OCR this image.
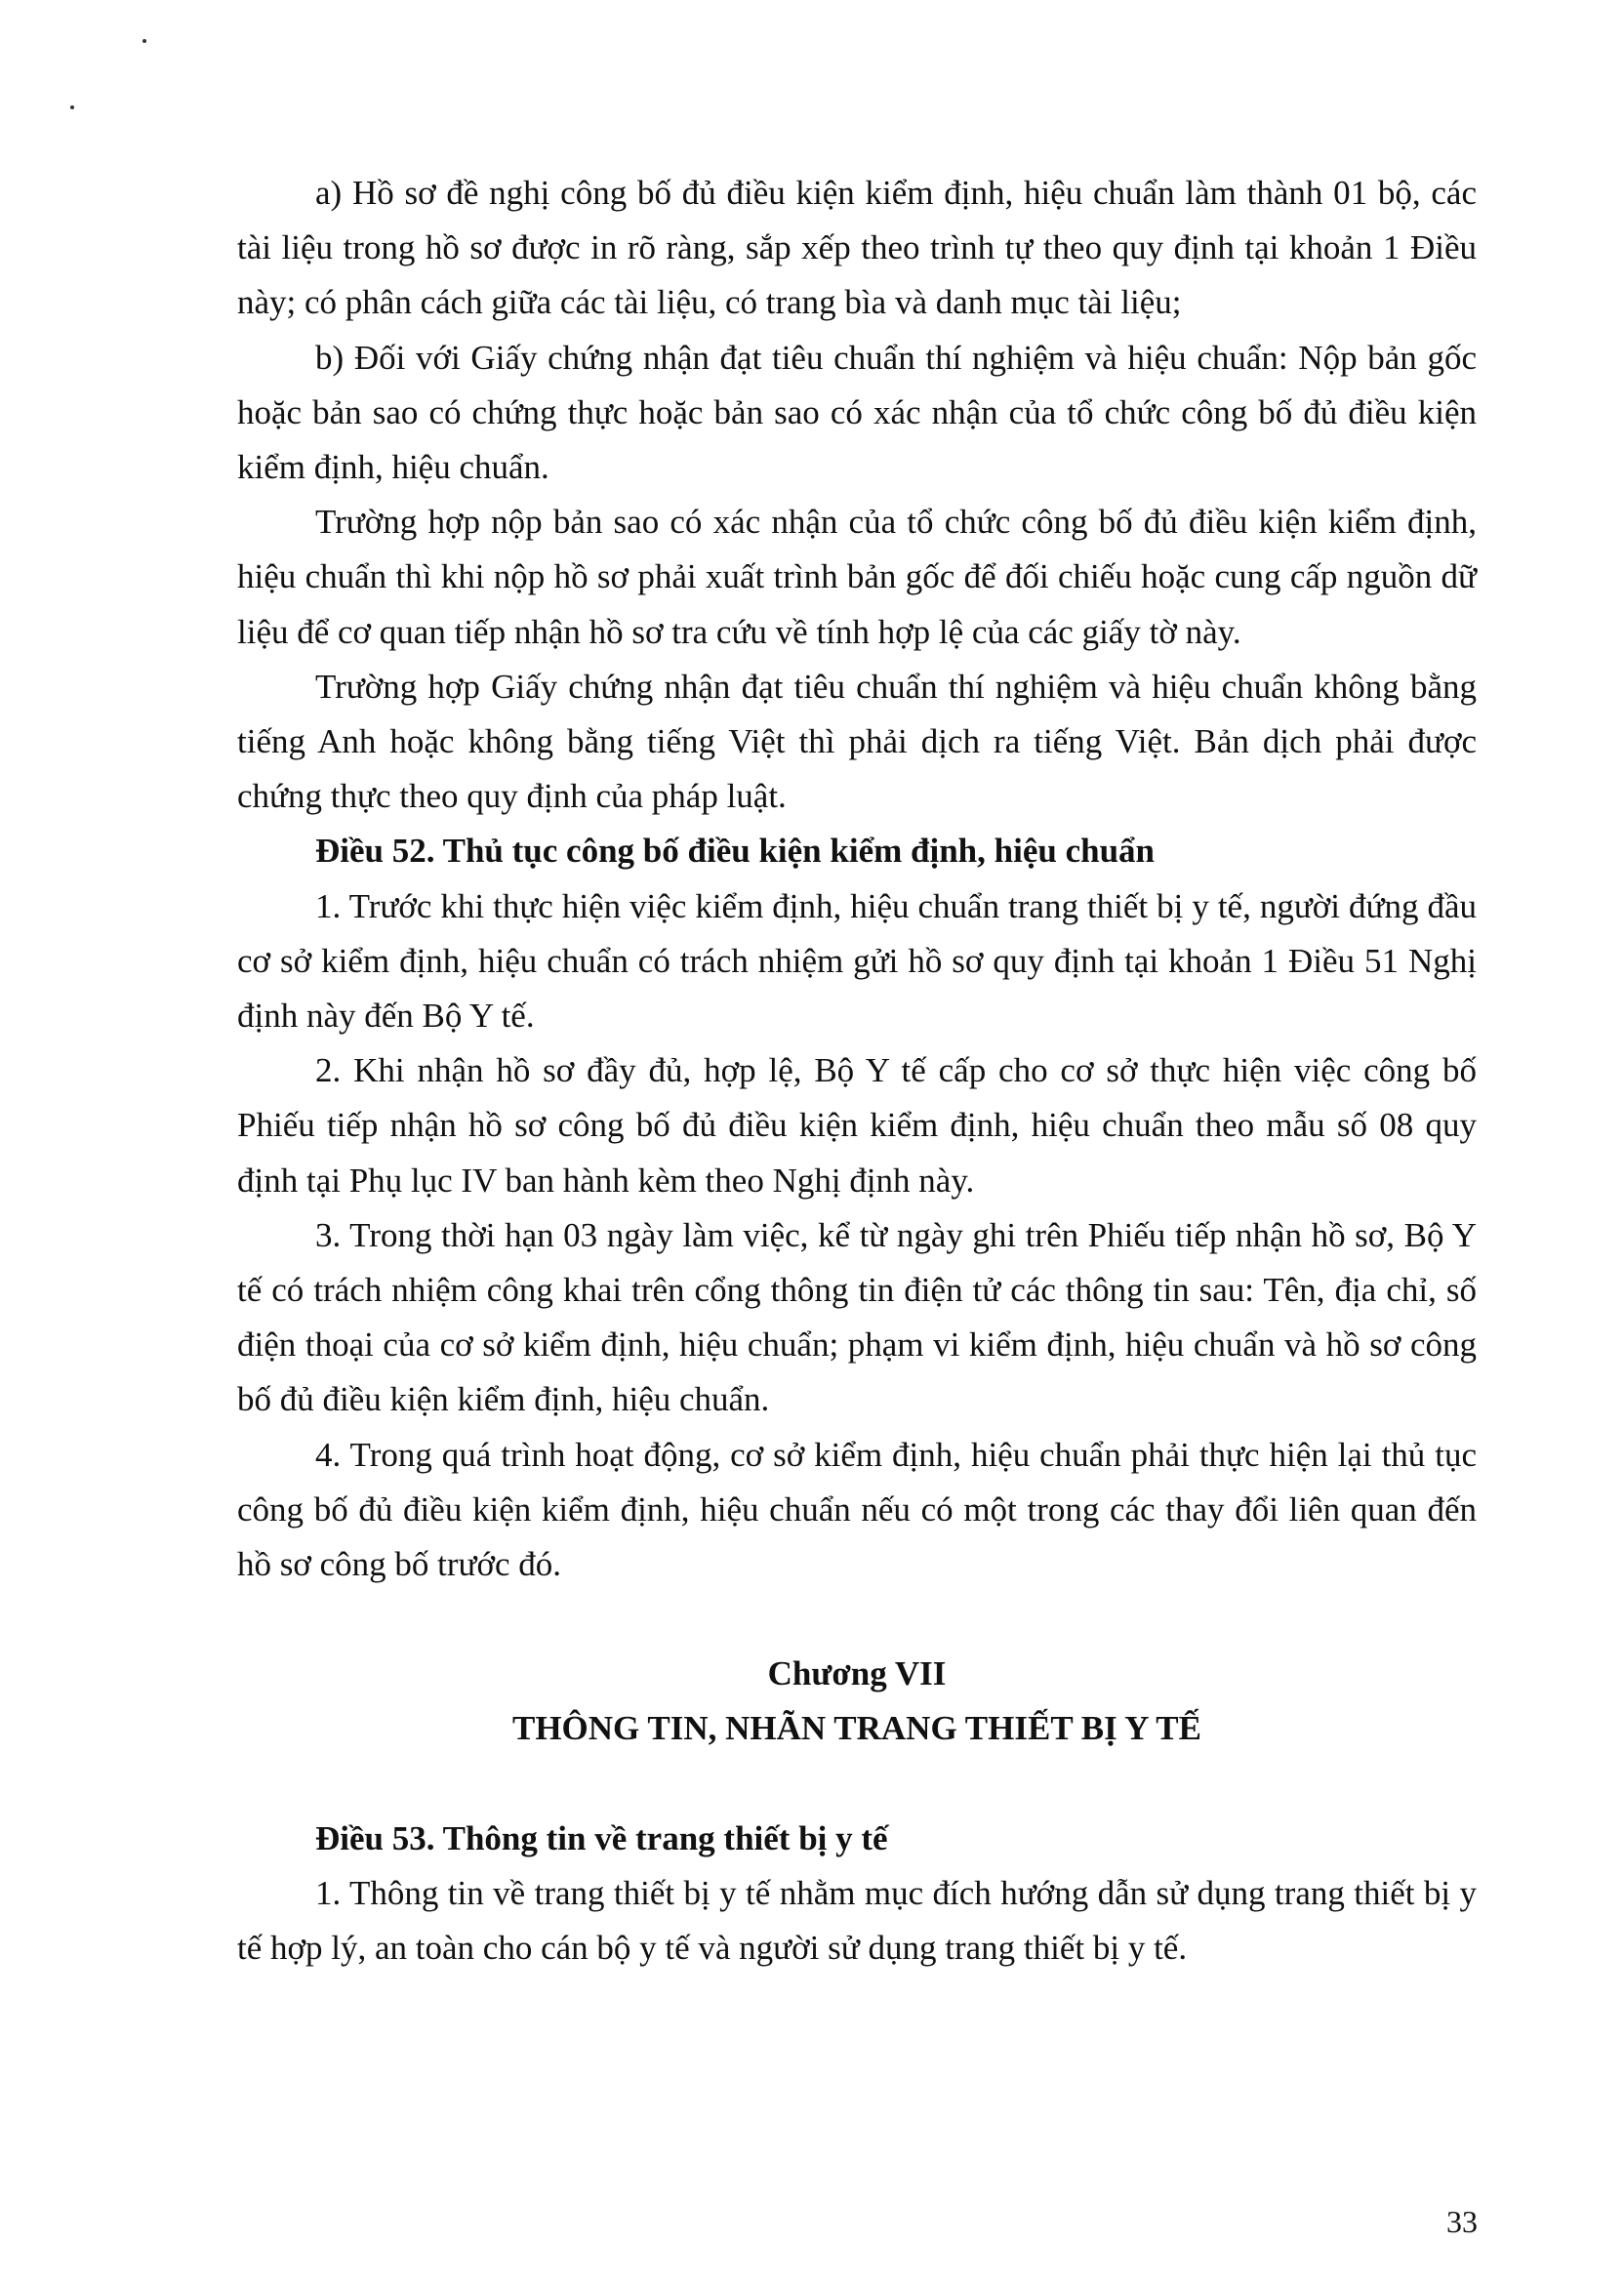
a) Hồ sơ đề nghị công bố đủ điều kiện kiểm định, hiệu chuẩn làm thành 01 bộ, các tài liệu trong hồ sơ được in rõ ràng, sắp xếp theo trình tự theo quy định tại khoản 1 Điều này; có phân cách giữa các tài liệu, có trang bìa và danh mục tài liệu;

b) Đối với Giấy chứng nhận đạt tiêu chuẩn thí nghiệm và hiệu chuẩn: Nộp bản gốc hoặc bản sao có chứng thực hoặc bản sao có xác nhận của tổ chức công bố đủ điều kiện kiểm định, hiệu chuẩn.

Trường hợp nộp bản sao có xác nhận của tổ chức công bố đủ điều kiện kiểm định, hiệu chuẩn thì khi nộp hồ sơ phải xuất trình bản gốc để đối chiếu hoặc cung cấp nguồn dữ liệu để cơ quan tiếp nhận hồ sơ tra cứu về tính hợp lệ của các giấy tờ này.

Trường hợp Giấy chứng nhận đạt tiêu chuẩn thí nghiệm và hiệu chuẩn không bằng tiếng Anh hoặc không bằng tiếng Việt thì phải dịch ra tiếng Việt. Bản dịch phải được chứng thực theo quy định của pháp luật.

Điều 52. Thủ tục công bố điều kiện kiểm định, hiệu chuẩn

1. Trước khi thực hiện việc kiểm định, hiệu chuẩn trang thiết bị y tế, người đứng đầu cơ sở kiểm định, hiệu chuẩn có trách nhiệm gửi hồ sơ quy định tại khoản 1 Điều 51 Nghị định này đến Bộ Y tế.

2. Khi nhận hồ sơ đầy đủ, hợp lệ, Bộ Y tế cấp cho cơ sở thực hiện việc công bố Phiếu tiếp nhận hồ sơ công bố đủ điều kiện kiểm định, hiệu chuẩn theo mẫu số 08 quy định tại Phụ lục IV ban hành kèm theo Nghị định này.

3. Trong thời hạn 03 ngày làm việc, kể từ ngày ghi trên Phiếu tiếp nhận hồ sơ, Bộ Y tế có trách nhiệm công khai trên cổng thông tin điện tử các thông tin sau: Tên, địa chỉ, số điện thoại của cơ sở kiểm định, hiệu chuẩn; phạm vi kiểm định, hiệu chuẩn và hồ sơ công bố đủ điều kiện kiểm định, hiệu chuẩn.

4. Trong quá trình hoạt động, cơ sở kiểm định, hiệu chuẩn phải thực hiện lại thủ tục công bố đủ điều kiện kiểm định, hiệu chuẩn nếu có một trong các thay đổi liên quan đến hồ sơ công bố trước đó.

Chương VII

THÔNG TIN, NHÃN TRANG THIẾT BỊ Y TẾ

Điều 53. Thông tin về trang thiết bị y tế

1. Thông tin về trang thiết bị y tế nhằm mục đích hướng dẫn sử dụng trang thiết bị y tế hợp lý, an toàn cho cán bộ y tế và người sử dụng trang thiết bị y tế.

33
